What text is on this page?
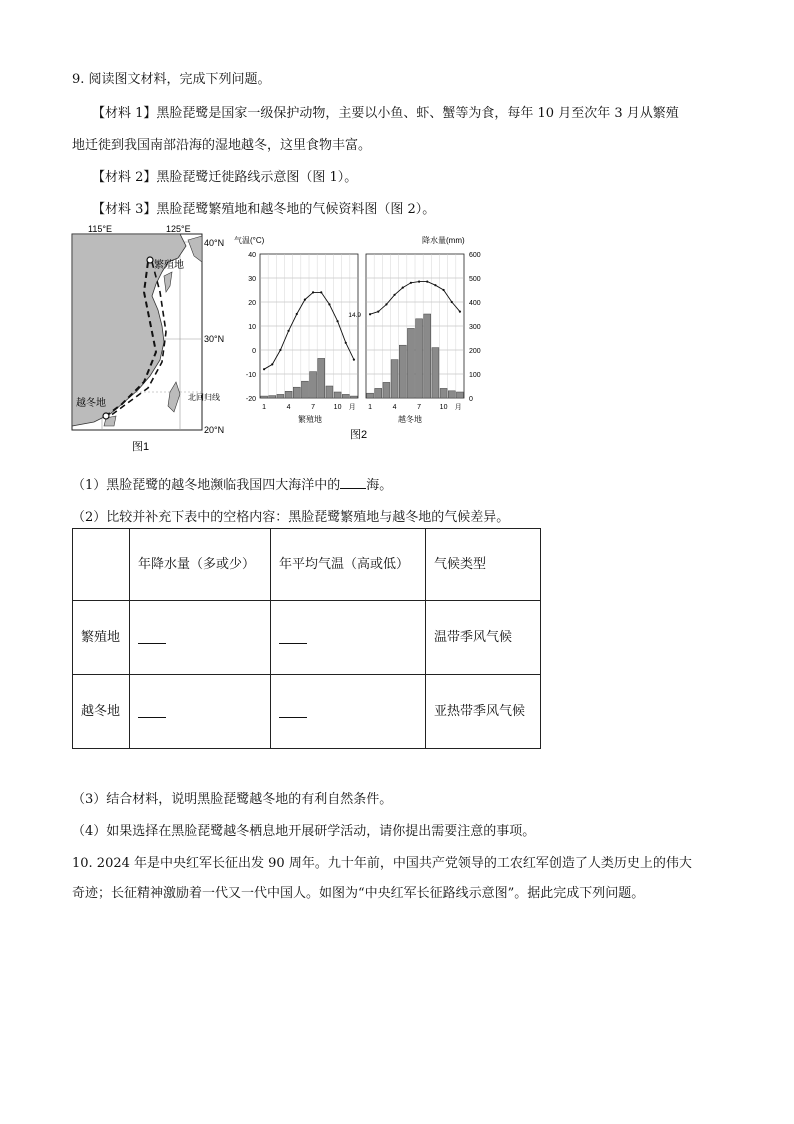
9. 阅读图文材料，完成下列问题。
【材料 1】黑脸琵鹭是国家一级保护动物，主要以小鱼、虾、蟹等为食，每年 10 月至次年 3 月从繁殖
地迁徙到我国南部沿海的湿地越冬，这里食物丰富。
【材料 2】黑脸琵鹭迁徙路线示意图（图 1）。
【材料 3】黑脸琵鹭繁殖地和越冬地的气候资料图（图 2）。
115°E	125°E
40°N
30°N
20°N
北回归线
繁殖地
越冬地
图1
气温(°C)	降水量(mm)
40
30
20
10
0
-10
-20
600
500
400
300
200
100
0
1	4	7	10 月 1	4	7	10 月
14.9
繁殖地	越冬地
图2
（1）黑脸琵鹭的越冬地濒临我国四大海洋中的 海。
（2）比较并补充下表中的空格内容：黑脸琵鹭繁殖地与越冬地的气候差异。
	年降水量（多或少）	年平均气温（高或低）	气候类型
繁殖地			温带季风气候
越冬地			亚热带季风气候
（3）结合材料，说明黑脸琵鹭越冬地的有利自然条件。
（4）如果选择在黑脸琵鹭越冬栖息地开展研学活动，请你提出需要注意的事项。
10. 2024 年是中央红军长征出发 90 周年。九十年前，中国共产党领导的工农红军创造了人类历史上的伟大
奇迹；长征精神激励着一代又一代中国人。如图为“中央红军长征路线示意图”。据此完成下列问题。
